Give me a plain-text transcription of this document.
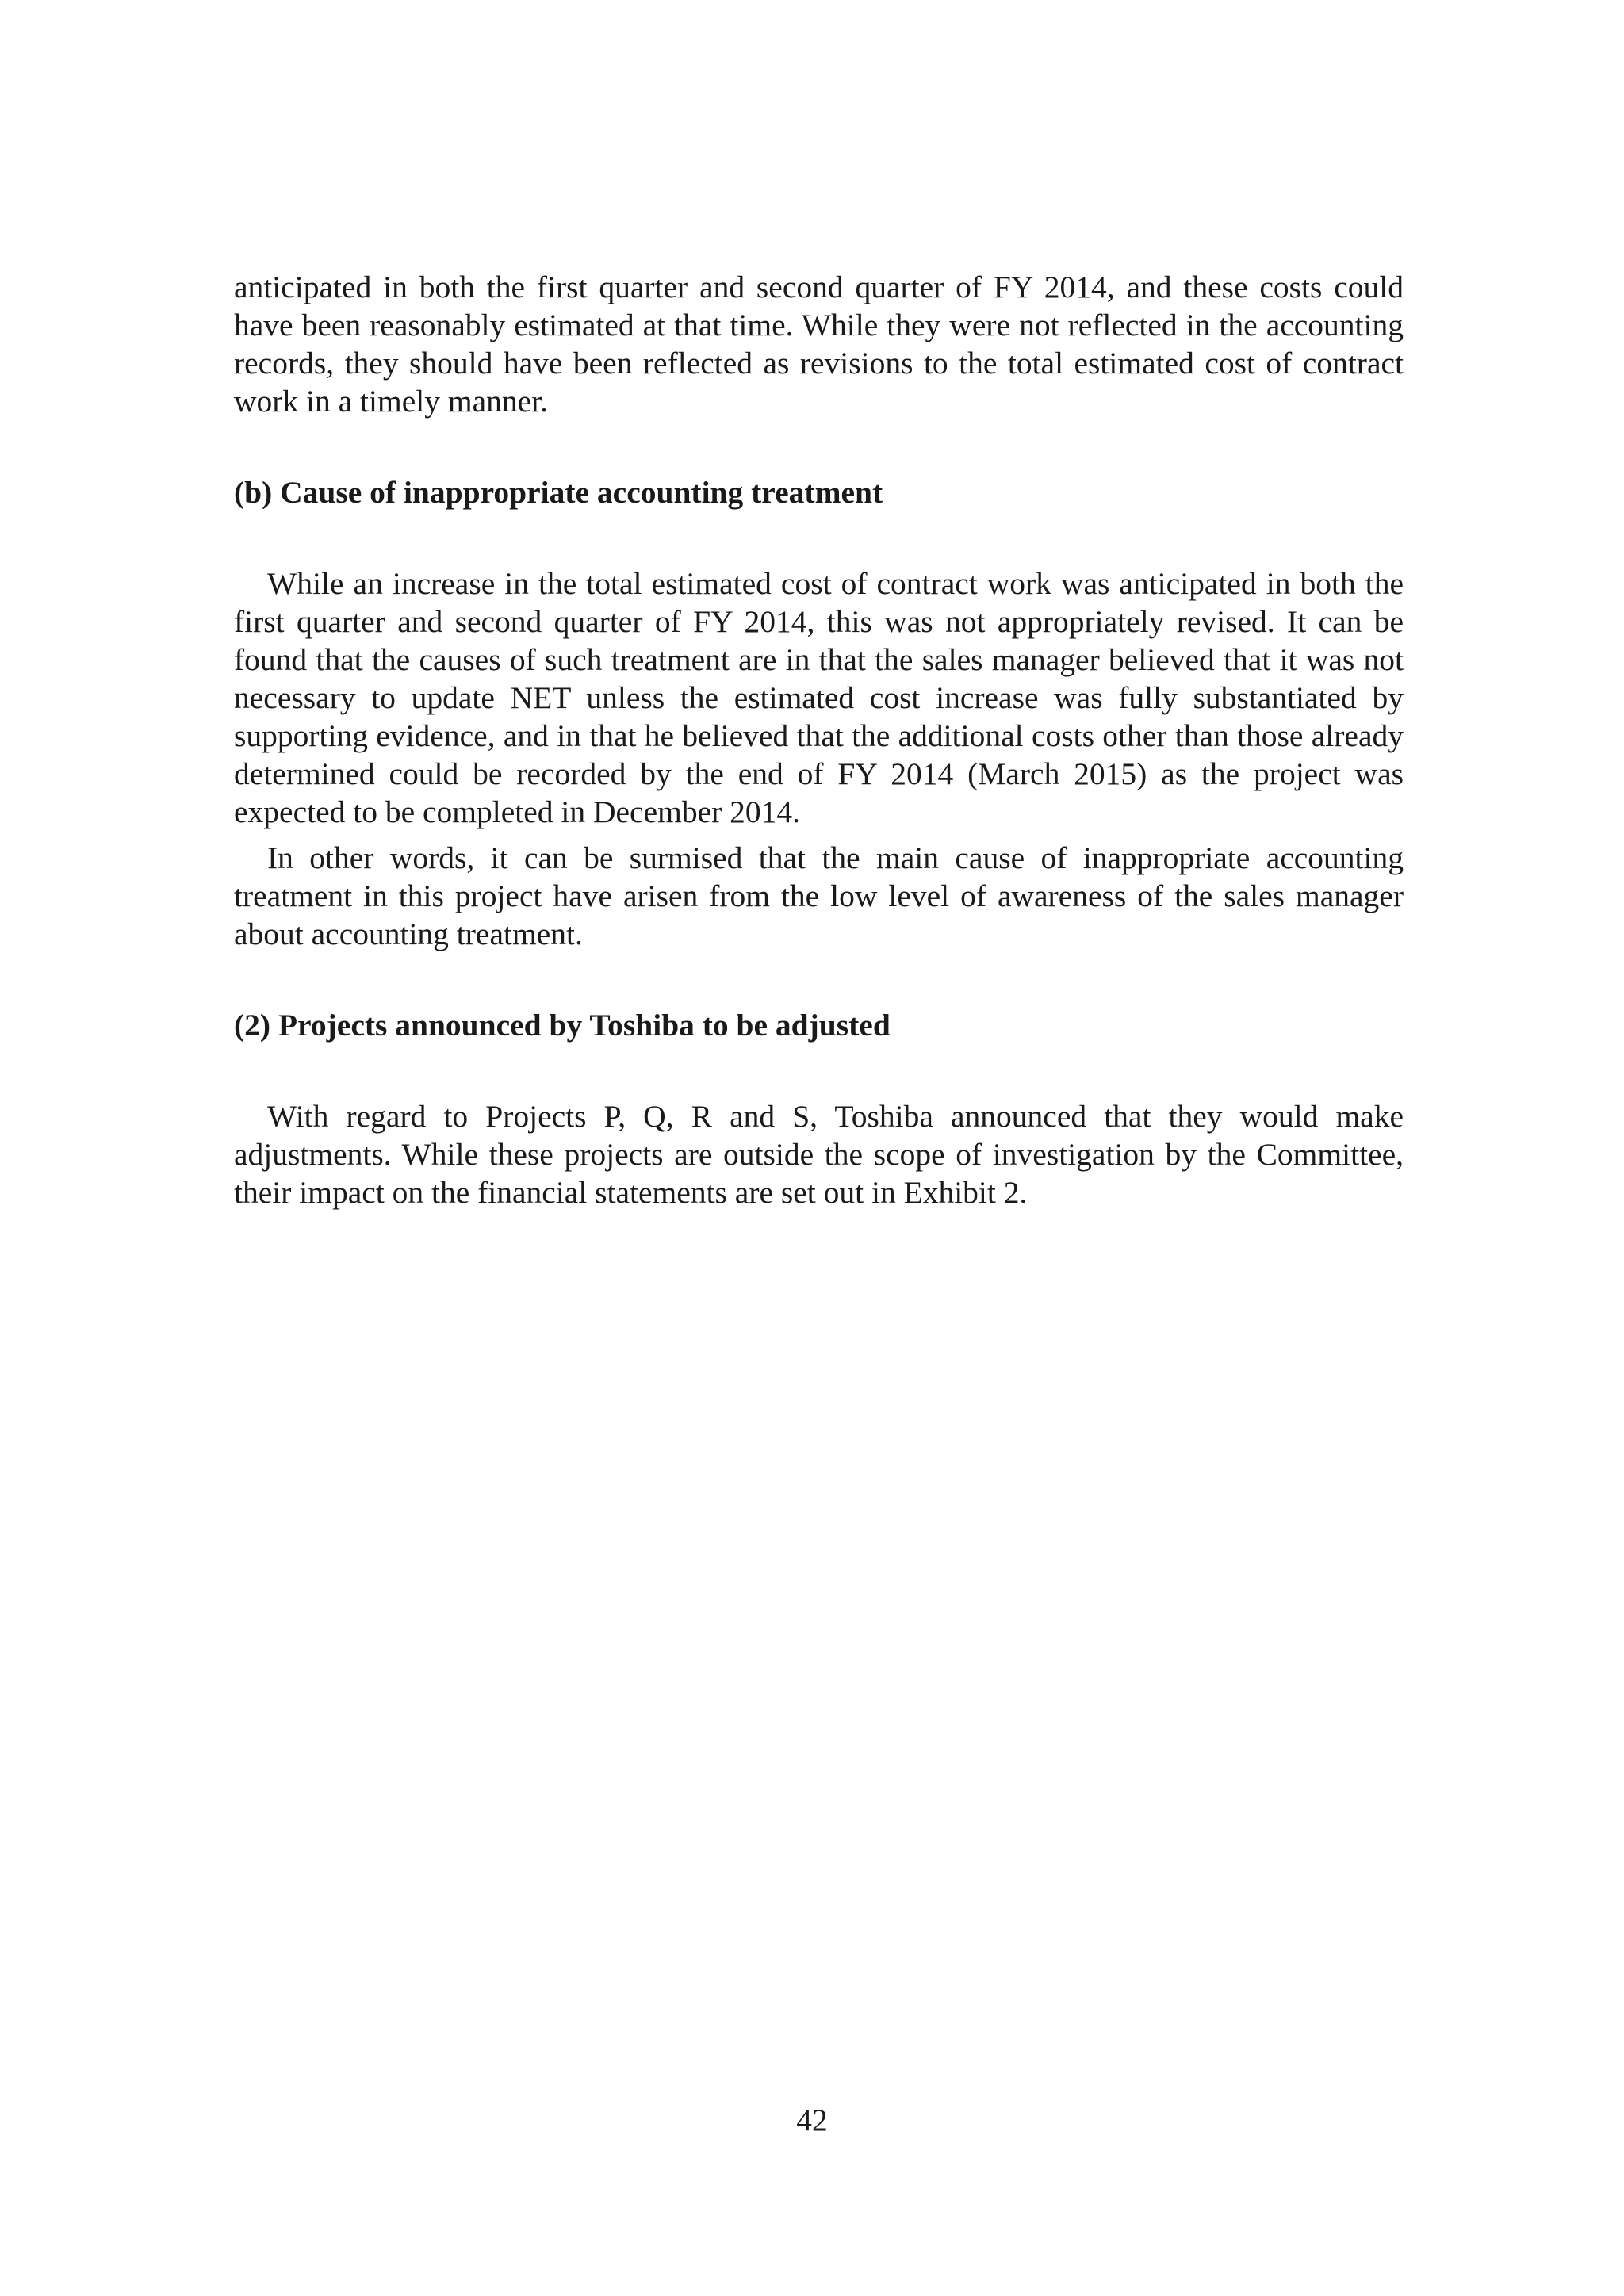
anticipated in both the first quarter and second quarter of FY 2014, and these costs could have been reasonably estimated at that time. While they were not reflected in the accounting records, they should have been reflected as revisions to the total estimated cost of contract work in a timely manner.

(b) Cause of inappropriate accounting treatment

While an increase in the total estimated cost of contract work was anticipated in both the first quarter and second quarter of FY 2014, this was not appropriately revised. It can be found that the causes of such treatment are in that the sales manager believed that it was not necessary to update NET unless the estimated cost increase was fully substantiated by supporting evidence, and in that he believed that the additional costs other than those already determined could be recorded by the end of FY 2014 (March 2015) as the project was expected to be completed in December 2014.

In other words, it can be surmised that the main cause of inappropriate accounting treatment in this project have arisen from the low level of awareness of the sales manager about accounting treatment.

(2) Projects announced by Toshiba to be adjusted

With regard to Projects P, Q, R and S, Toshiba announced that they would make adjustments. While these projects are outside the scope of investigation by the Committee, their impact on the financial statements are set out in Exhibit 2.

42
